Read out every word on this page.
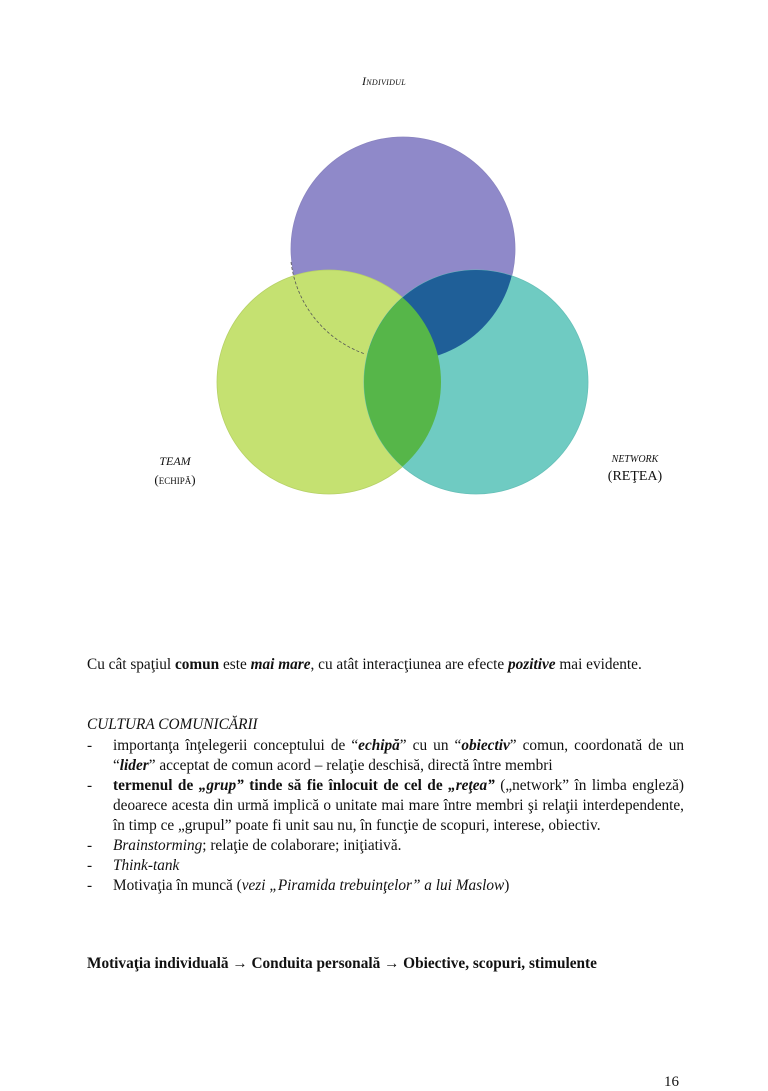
Individul
TEAM
(echipă)
NETWORK
(REŢEA)

Cu cât spaţiul comun este mai mare, cu atât interacţiunea are efecte pozitive mai evidente.

CULTURA COMUNICĂRII
- importanţa înţelegerii conceptului de “echipă” cu un “obiectiv” comun, coordonată de un “lider” acceptat de comun acord – relaţie deschisă, directă între membri
- termenul de „grup” tinde să fie înlocuit de cel de „reţea” („network” în limba engleză) deoarece acesta din urmă implică o unitate mai mare între membri şi relaţii interdependente, în timp ce „grupul” poate fi unit sau nu, în funcţie de scopuri, interese, obiectiv.
- Brainstorming; relaţie de colaborare; iniţiativă.
- Think-tank
- Motivaţia în muncă (vezi „Piramida trebuinţelor” a lui Maslow)
Motivaţia individuală → Conduita personală → Obiective, scopuri, stimulente
16
